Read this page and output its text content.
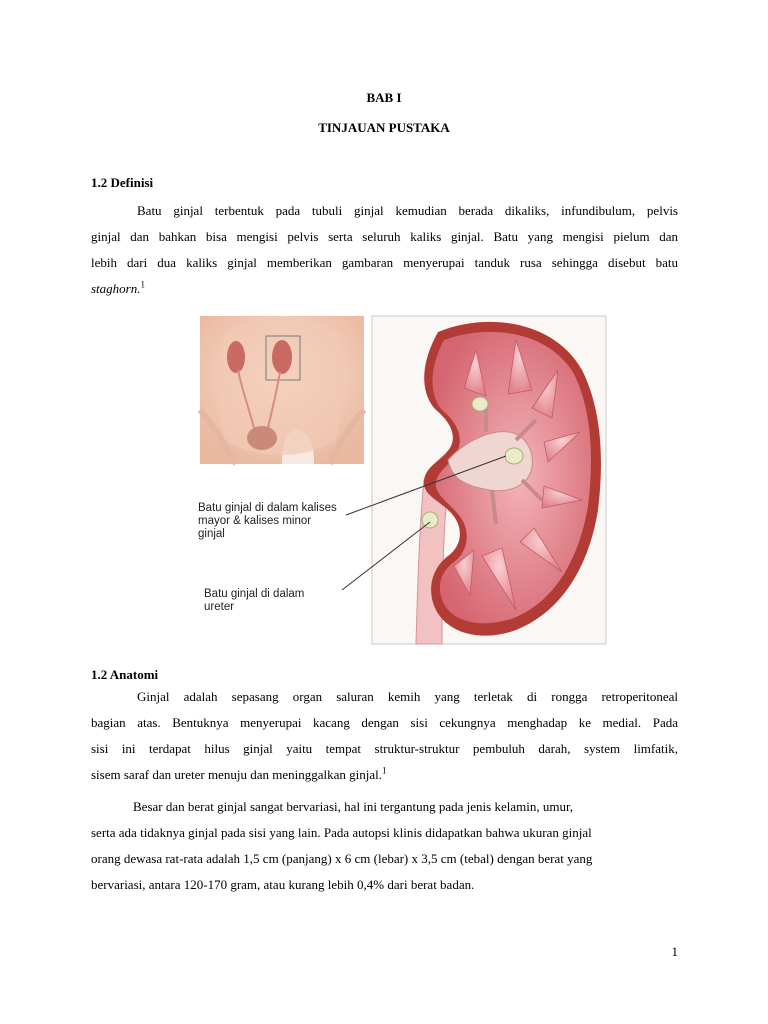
BAB I
TINJAUAN PUSTAKA
1.2 Definisi
Batu ginjal terbentuk pada tubuli ginjal kemudian berada dikaliks, infundibulum, pelvis
ginjal dan bahkan bisa mengisi pelvis serta seluruh kaliks ginjal. Batu yang mengisi pielum dan
lebih dari dua kaliks ginjal memberikan gambaran menyerupai tanduk rusa sehingga disebut batu
staghorn.$^1$
Batu ginjal di dalam kalises
mayor & kalises minor
ginjal
Batu ginjal di dalam
ureter
1.2 Anatomi
Ginjal adalah sepasang organ saluran kemih yang terletak di rongga retroperitoneal
bagian atas. Bentuknya menyerupai kacang dengan sisi cekungnya menghadap ke medial. Pada
sisi ini terdapat hilus ginjal yaitu tempat struktur-struktur pembuluh darah, system limfatik,
sisem saraf dan ureter menuju dan meninggalkan ginjal.$^1$
Besar dan berat ginjal sangat bervariasi, hal ini tergantung pada jenis kelamin, umur,
serta ada tidaknya ginjal pada sisi yang lain. Pada autopsi klinis didapatkan bahwa ukuran ginjal
orang dewasa rat-rata adalah 1,5 cm (panjang) x 6 cm (lebar) x 3,5 cm (tebal) dengan berat yang
bervariasi, antara 120-170 gram, atau kurang lebih 0,4% dari berat badan.
1
